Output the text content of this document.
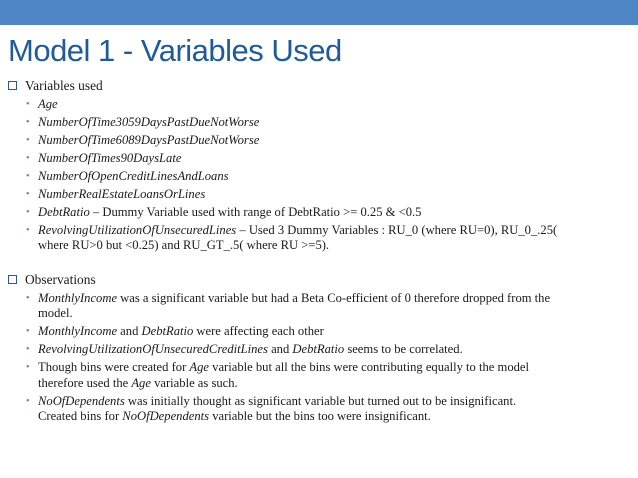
Model 1 - Variables Used
Variables used
• Age
• NumberOfTime3059DaysPastDueNotWorse
• NumberOfTime6089DaysPastDueNotWorse
• NumberOfTimes90DaysLate
• NumberOfOpenCreditLinesAndLoans
• NumberRealEstateLoansOrLines
• DebtRatio – Dummy Variable used with range of DebtRatio >= 0.25 & <0.5
• RevolvingUtilizationOfUnsecuredLines – Used 3 Dummy Variables : RU_0 (where RU=0), RU_0_.25( where RU>0 but <0.25) and RU_GT_.5( where RU >=5).
Observations
• MonthlyIncome was a significant variable but had a Beta Co-efficient of 0 therefore dropped from the model.
• MonthlyIncome and DebtRatio were affecting each other
• RevolvingUtilizationOfUnsecuredCreditLines and DebtRatio seems to be correlated.
• Though bins were created for Age variable but all the bins were contributing equally to the model therefore used the Age variable as such.
• NoOfDependents was initially thought as significant variable but turned out to be insignificant. Created bins for NoOfDependents variable but the bins too were insignificant.
